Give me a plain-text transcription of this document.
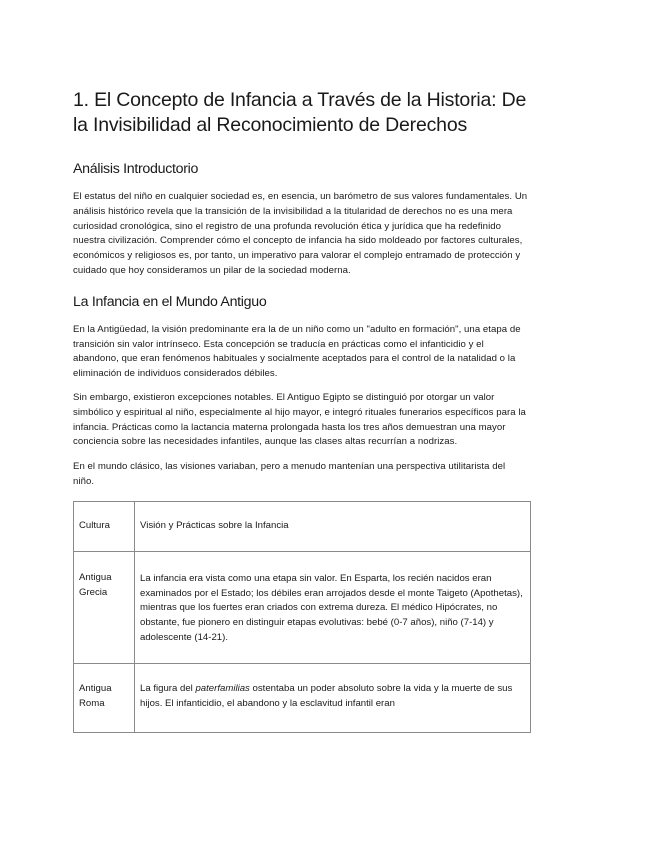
1. El Concepto de Infancia a Través de la Historia: De la Invisibilidad al Reconocimiento de Derechos
Análisis Introductorio

El estatus del niño en cualquier sociedad es, en esencia, un barómetro de sus valores fundamentales. Un análisis histórico revela que la transición de la invisibilidad a la titularidad de derechos no es una mera curiosidad cronológica, sino el registro de una profunda revolución ética y jurídica que ha redefinido nuestra civilización. Comprender cómo el concepto de infancia ha sido moldeado por factores culturales, económicos y religiosos es, por tanto, un imperativo para valorar el complejo entramado de protección y cuidado que hoy consideramos un pilar de la sociedad moderna.

La Infancia en el Mundo Antiguo

En la Antigüedad, la visión predominante era la de un niño como un "adulto en formación", una etapa de transición sin valor intrínseco. Esta concepción se traducía en prácticas como el infanticidio y el abandono, que eran fenómenos habituales y socialmente aceptados para el control de la natalidad o la eliminación de individuos considerados débiles.

Sin embargo, existieron excepciones notables. El Antiguo Egipto se distinguió por otorgar un valor simbólico y espiritual al niño, especialmente al hijo mayor, e integró rituales funerarios específicos para la infancia. Prácticas como la lactancia materna prolongada hasta los tres años demuestran una mayor conciencia sobre las necesidades infantiles, aunque las clases altas recurrían a nodrizas.

En el mundo clásico, las visiones variaban, pero a menudo mantenían una perspectiva utilitarista del niño.

Cultura	Visión y Prácticas sobre la Infancia

Antigua Grecia	La infancia era vista como una etapa sin valor. En Esparta, los recién nacidos eran examinados por el Estado; los débiles eran arrojados desde el monte Taigeto (Apothetas), mientras que los fuertes eran criados con extrema dureza. El médico Hipócrates, no obstante, fue pionero en distinguir etapas evolutivas: bebé (0-7 años), niño (7-14) y adolescente (14-21).

Antigua Roma	La figura del paterfamilias ostentaba un poder absoluto sobre la vida y la muerte de sus hijos. El infanticidio, el abandono y la esclavitud infantil eran
